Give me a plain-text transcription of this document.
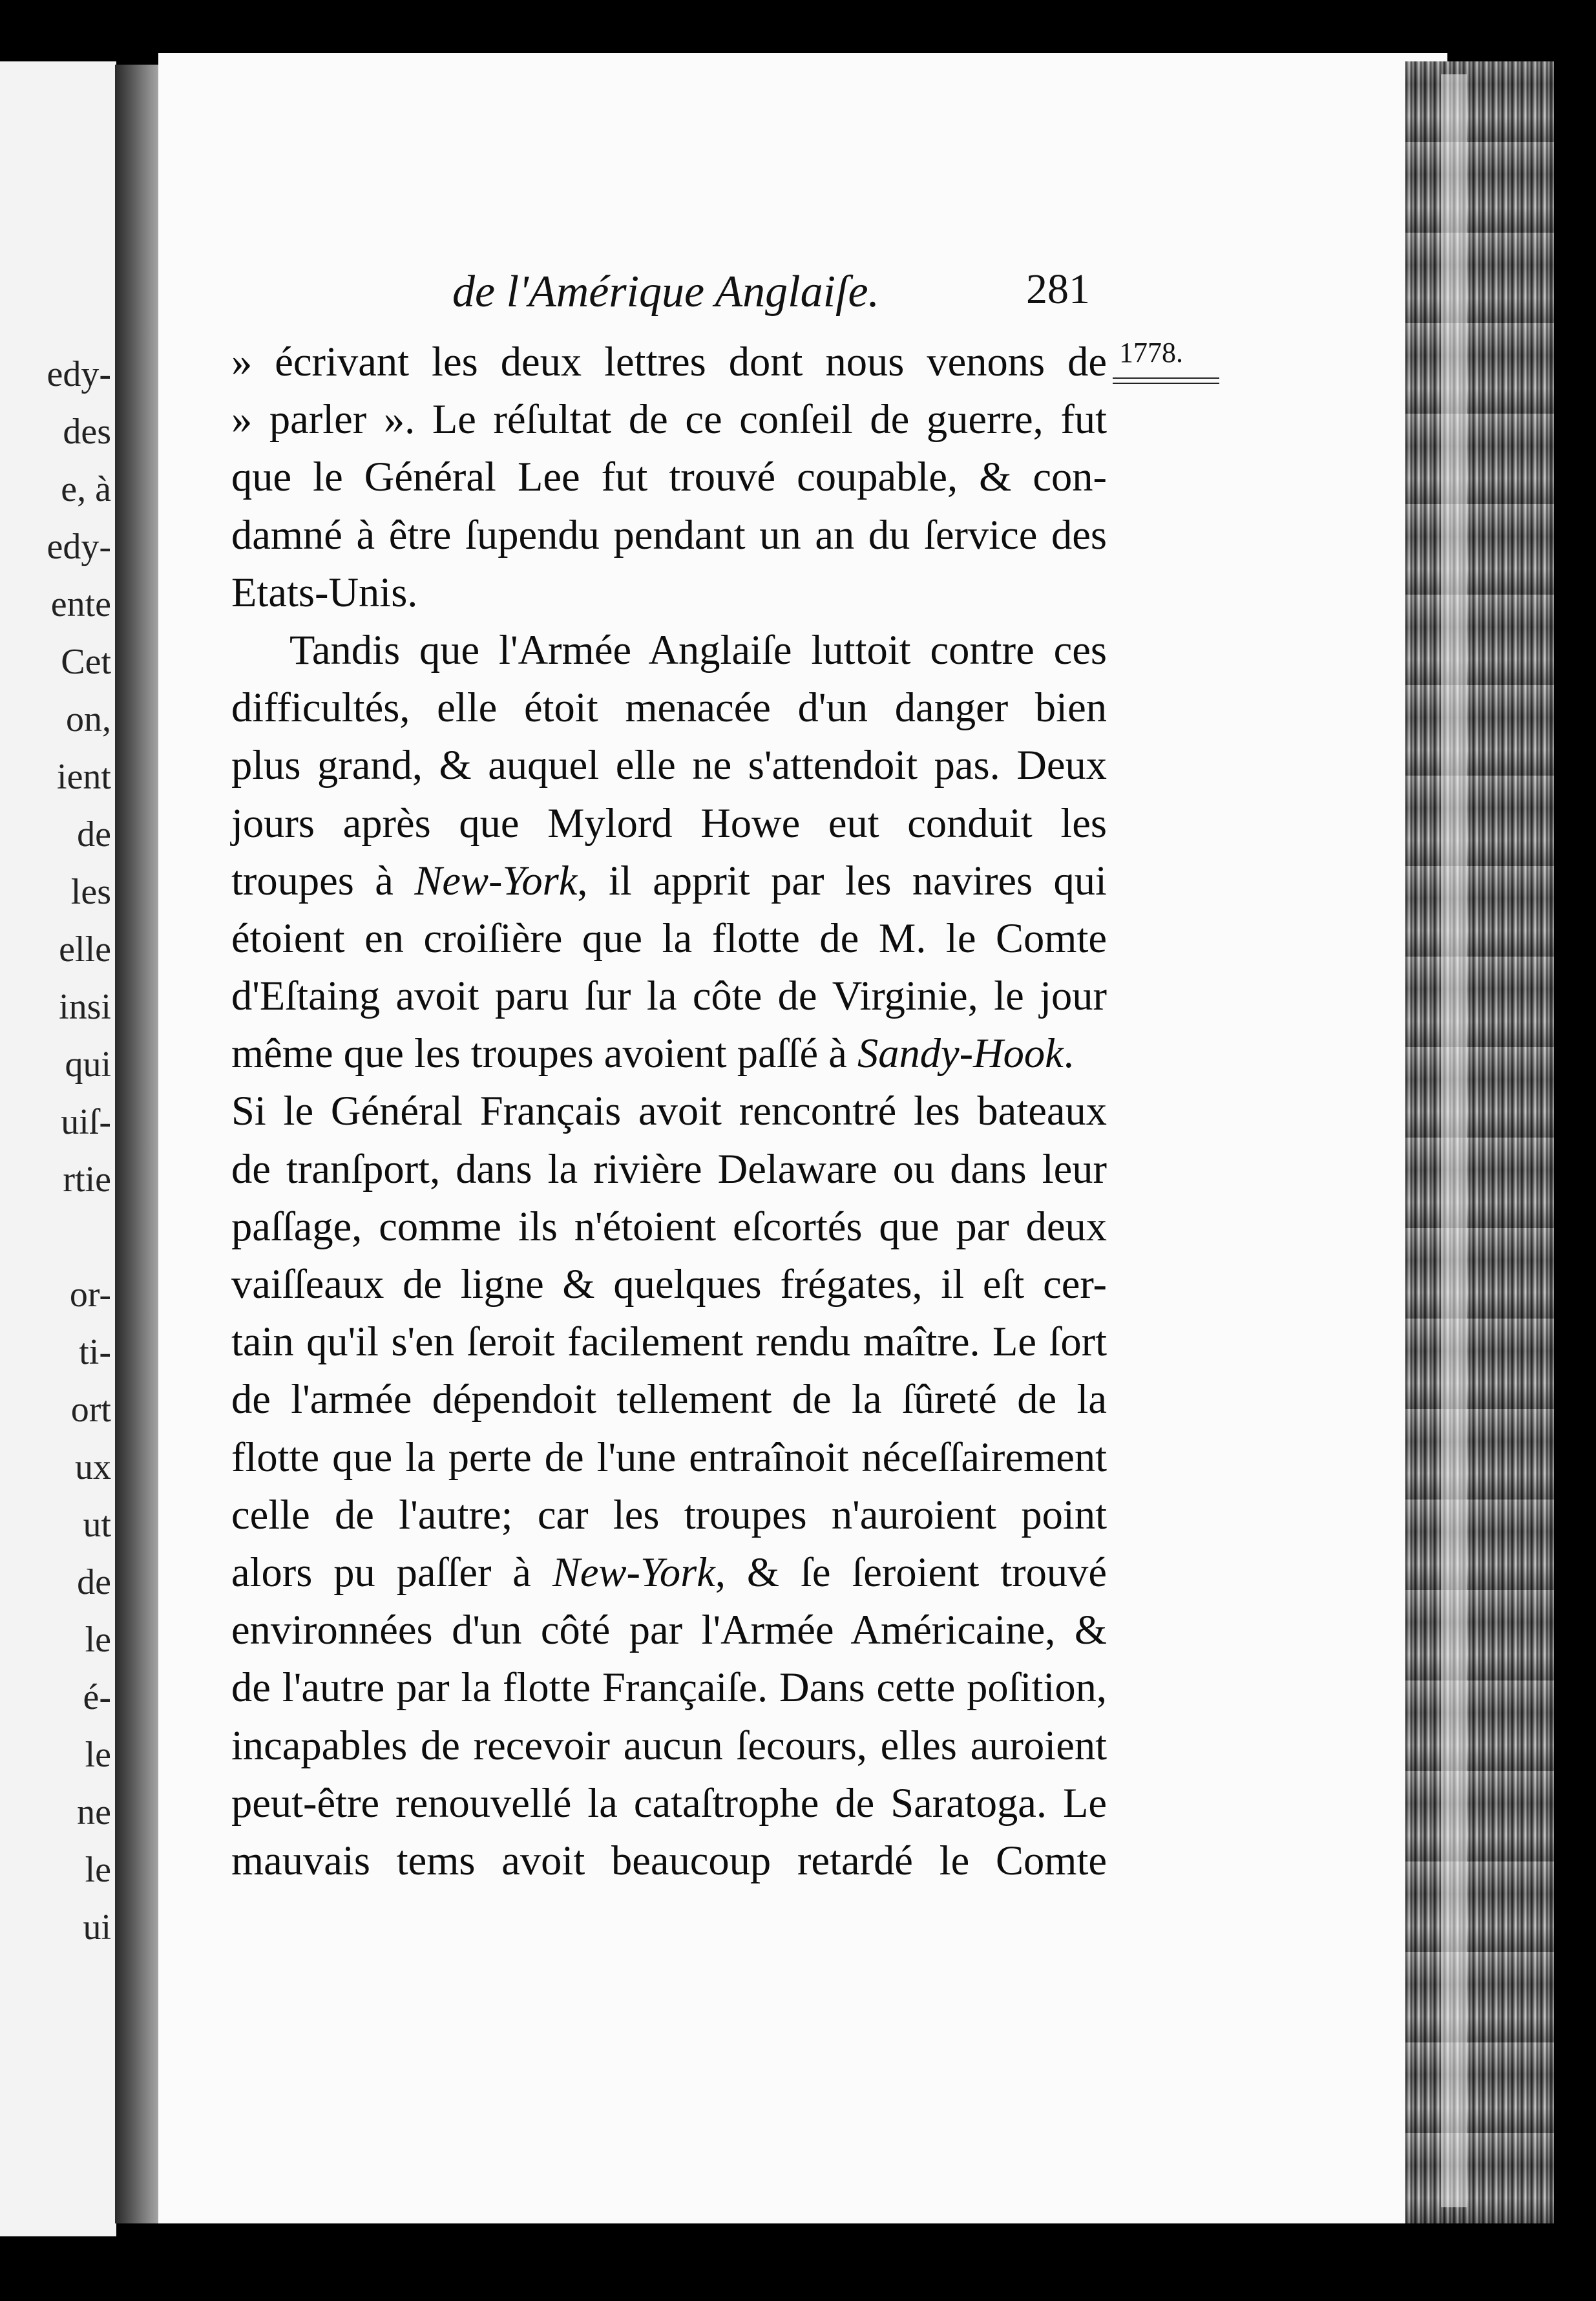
edy-
des
e, à
edy-
ente
Cet
on,
ient
de
les
elle
insi
qui
uiſ-
rtie

or-
ti-
ort
ux
ut
de
le
é-
le
ne
le
ui
de l'Amérique Anglaiſe.	281
1778.
» écrivant les deux lettres dont nous venons de
» parler ». Le réſultat de ce conſeil de guerre, fut
que le Général Lee fut trouvé coupable, & con-
damné à être ſupendu pendant un an du ſervice des
Etats-Unis.
Tandis que l'Armée Anglaiſe luttoit contre ces
difficultés, elle étoit menacée d'un danger bien
plus grand, & auquel elle ne s'attendoit pas. Deux
jours après que Mylord Howe eut conduit les
troupes à New-York, il apprit par les navires qui
étoient en croiſière que la flotte de M. le Comte
d'Eſtaing avoit paru ſur la côte de Virginie, le jour
même que les troupes avoient paſſé à Sandy-Hook.
Si le Général Français avoit rencontré les bateaux
de tranſport, dans la rivière Delaware ou dans leur
paſſage, comme ils n'étoient eſcortés que par deux
vaiſſeaux de ligne & quelques frégates, il eſt cer-
tain qu'il s'en ſeroit facilement rendu maître. Le ſort
de l'armée dépendoit tellement de la ſûreté de la
flotte que la perte de l'une entraînoit néceſſairement
celle de l'autre; car les troupes n'auroient point
alors pu paſſer à New-York, & ſe ſeroient trouvé
environnées d'un côté par l'Armée Américaine, &
de l'autre par la flotte Françaiſe. Dans cette poſition,
incapables de recevoir aucun ſecours, elles auroient
peut-être renouvellé la cataſtrophe de Saratoga. Le
mauvais tems avoit beaucoup retardé le Comte
